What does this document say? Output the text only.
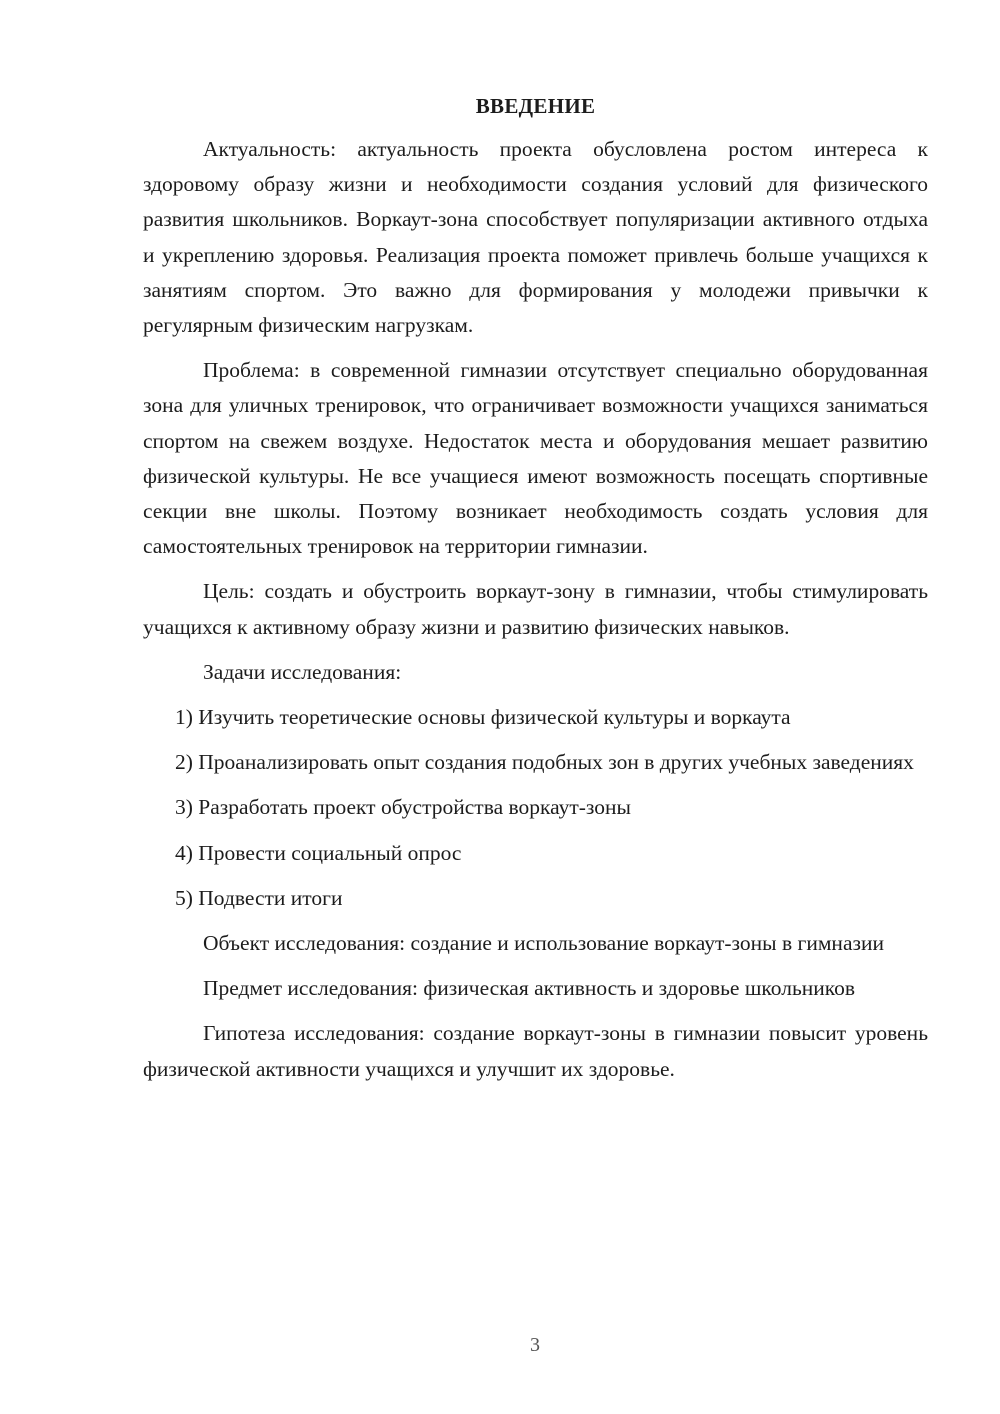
ВВЕДЕНИЕ

Актуальность: актуальность проекта обусловлена ростом интереса к здоровому образу жизни и необходимости создания условий для физического развития школьников. Воркаут-зона способствует популяризации активного отдыха и укреплению здоровья. Реализация проекта поможет привлечь больше учащихся к занятиям спортом. Это важно для формирования у молодежи привычки к регулярным физическим нагрузкам.

Проблема: в современной гимназии отсутствует специально оборудованная зона для уличных тренировок, что ограничивает возможности учащихся заниматься спортом на свежем воздухе. Недостаток места и оборудования мешает развитию физической культуры. Не все учащиеся имеют возможность посещать спортивные секции вне школы. Поэтому возникает необходимость создать условия для самостоятельных тренировок на территории гимназии.

Цель: создать и обустроить воркаут-зону в гимназии, чтобы стимулировать учащихся к активному образу жизни и развитию физических навыков.

Задачи исследования:

1) Изучить теоретические основы физической культуры и воркаута

2) Проанализировать опыт создания подобных зон в других учебных заведениях

3) Разработать проект обустройства воркаут-зоны

4) Провести социальный опрос

5) Подвести итоги

Объект исследования: создание и использование воркаут-зоны в гимназии

Предмет исследования: физическая активность и здоровье школьников

Гипотеза исследования: создание воркаут-зоны в гимназии повысит уровень физической активности учащихся и улучшит их здоровье.

3
